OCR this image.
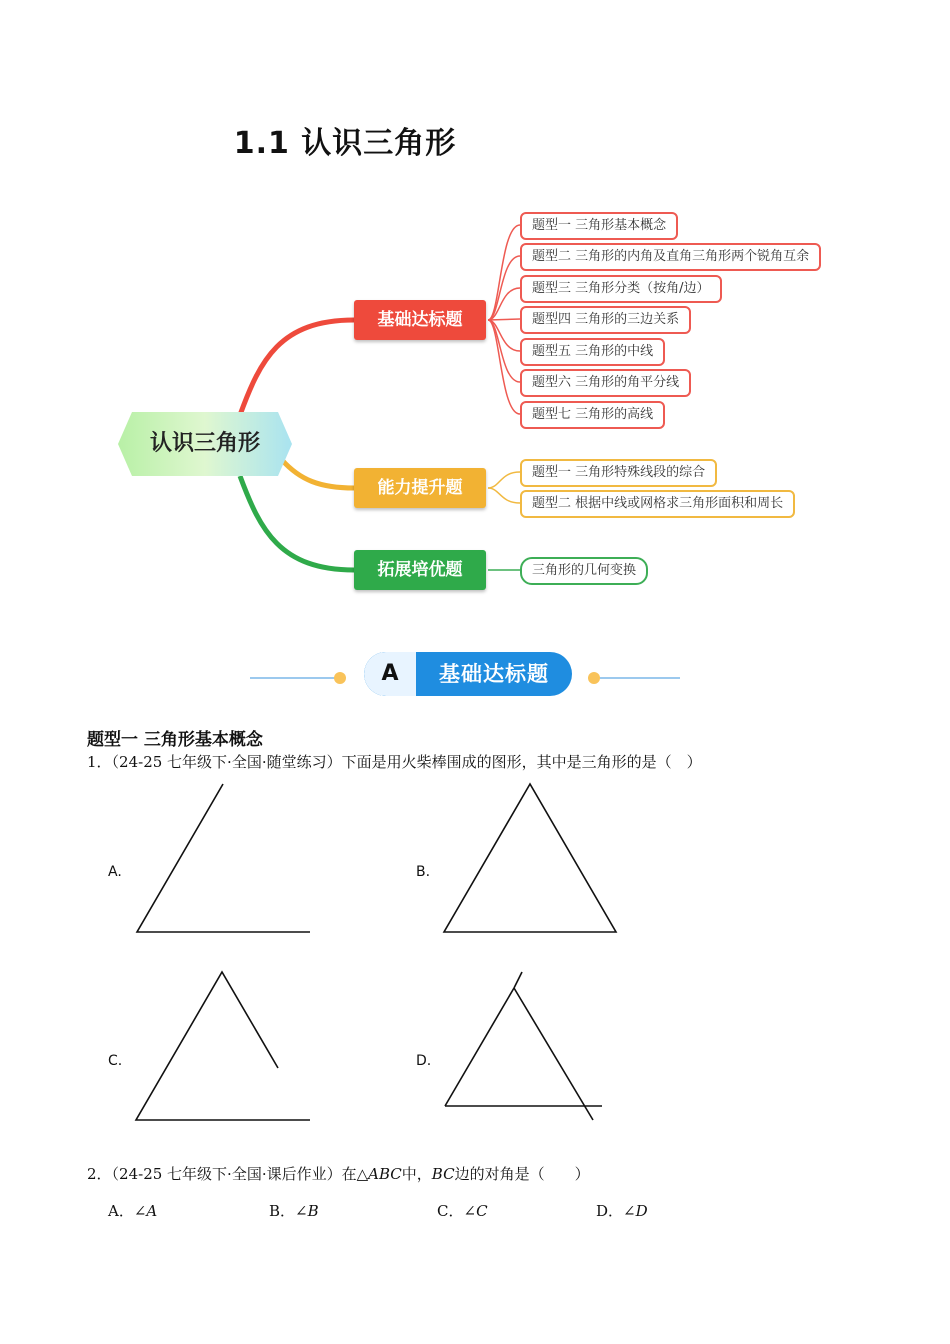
1.1 认识三角形
认识三角形
基础达标题
能力提升题
拓展培优题
题型一 三角形基本概念
题型二 三角形的内角及直角三角形两个锐角互余
题型三 三角形分类（按角/边）
题型四 三角形的三边关系
题型五 三角形的中线
题型六 三角形的角平分线
题型七 三角形的高线
题型一 三角形特殊线段的综合
题型二 根据中线或网格求三角形面积和周长
三角形的几何变换
A	基础达标题
题型一 三角形基本概念
1．（24-25 七年级下·全国·随堂练习）下面是用火柴棒围成的图形，其中是三角形的是（　）
A.	B.
C.	D.
2．（24-25 七年级下·全国·课后作业）在△ABC中，BC边的对角是（　　）
A．∠A	B．∠B	C．∠C	D．∠D
